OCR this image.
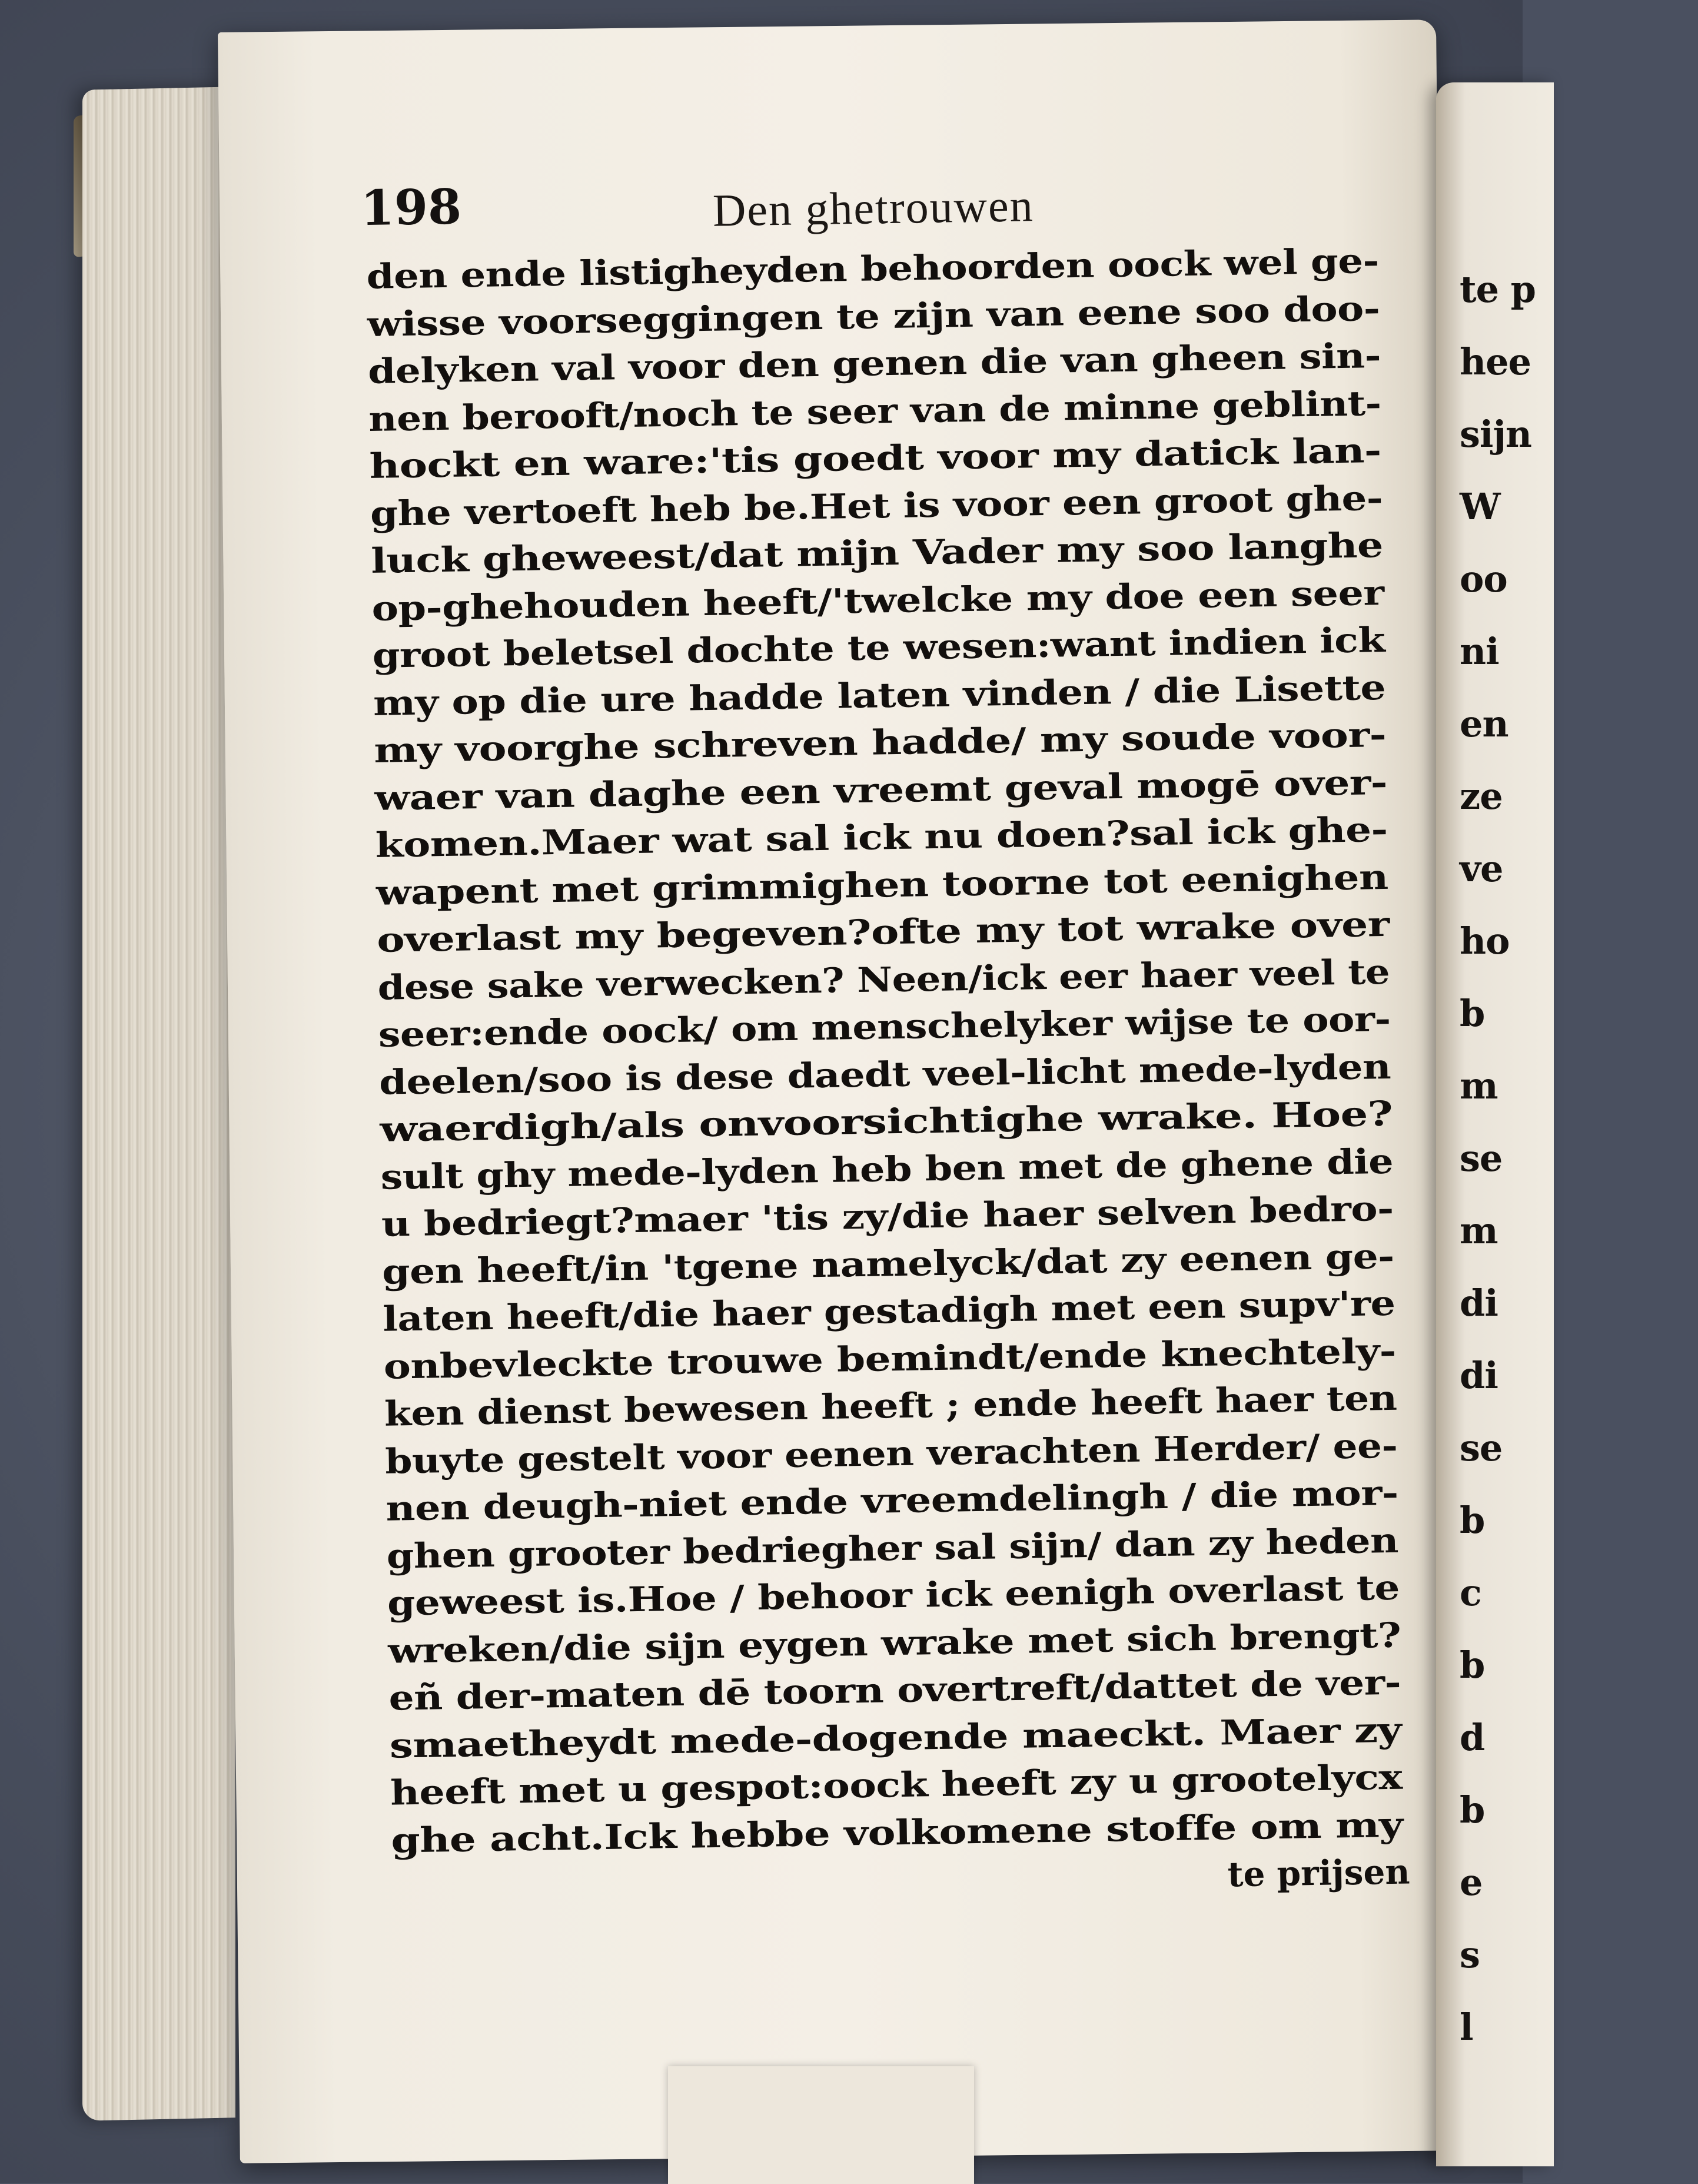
te p
hee
sijn
W
oo
ni
en
ze
ve
ho
b
m
se
m
di
di
se
b
c
b
d
b
e
s
l
198	Den ghetrouwen
den ende listigheyden behoorden oock wel ge-
wisse voorseggingen te zijn van eene soo doo-
delyken val voor den genen die van gheen sin-
nen berooft/noch te seer van de minne geblint-
hockt en ware:'tis goedt voor my datick lan-
ghe vertoeft heb be.Het is voor een groot ghe-
luck gheweest/dat mijn Vader my soo langhe
op-ghehouden heeft/'twelcke my doe een seer
groot beletsel dochte te wesen:want indien ick
my op die ure hadde laten vinden / die Lisette
my voorghe schreven hadde/ my soude voor-
waer van daghe een vreemt geval mogē over-
komen.Maer wat sal ick nu doen?sal ick ghe-
wapent met grimmighen toorne tot eenighen
overlast my begeven?ofte my tot wrake over
dese sake verwecken? Neen/ick eer haer veel te
seer:ende oock/ om menschelyker wijse te oor-
deelen/soo is dese daedt veel-licht mede-lyden
waerdigh/als onvoorsichtighe wrake. Hoe?
sult ghy mede-lyden heb ben met de ghene die
u bedriegt?maer 'tis zy/die haer selven bedro-
gen heeft/in 'tgene namelyck/dat zy eenen ge-
laten heeft/die haer gestadigh met een supv're
onbevleckte trouwe bemindt/ende knechtely-
ken dienst bewesen heeft ; ende heeft haer ten
buyte gestelt voor eenen verachten Herder/ ee-
nen deugh-niet ende vreemdelingh / die mor-
ghen grooter bedriegher sal sijn/ dan zy heden
geweest is.Hoe / behoor ick eenigh overlast te
wreken/die sijn eygen wrake met sich brengt?
eñ der-maten dē toorn overtreft/dattet de ver-
smaetheydt mede-dogende maeckt. Maer zy
heeft met u gespot:oock heeft zy u grootelycx
ghe acht.Ick hebbe volkomene stoffe om my
te prijsen
